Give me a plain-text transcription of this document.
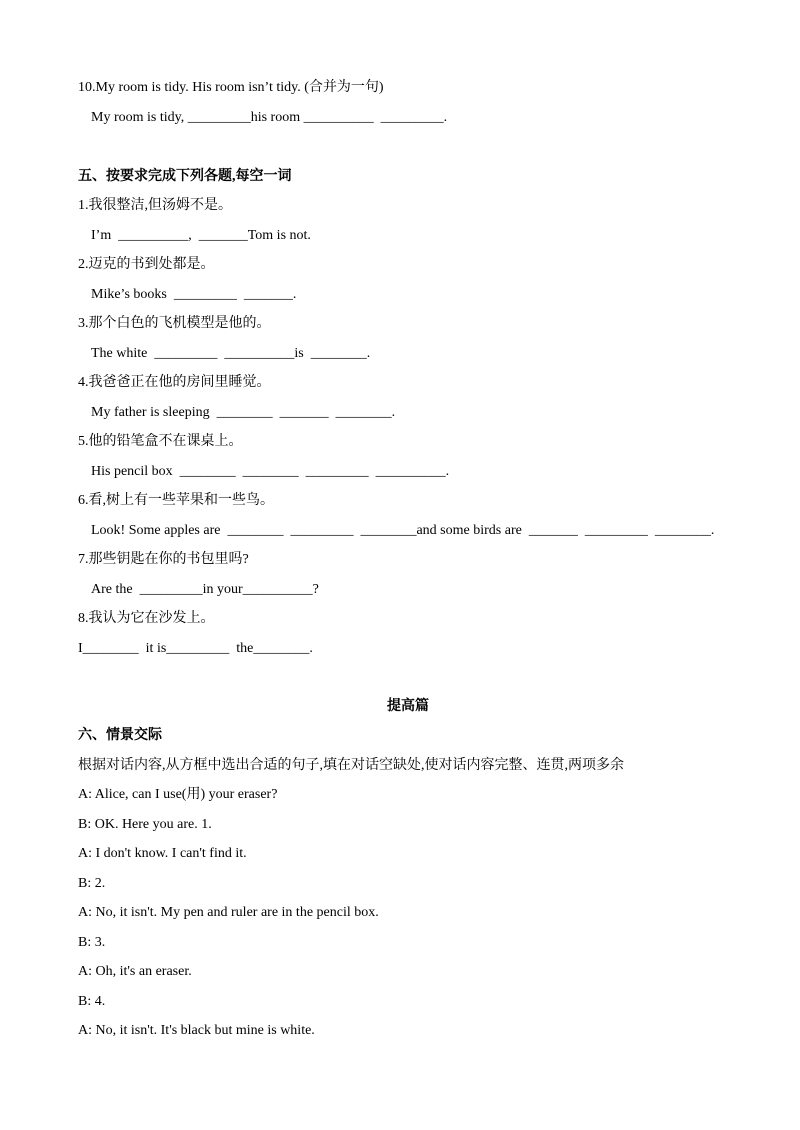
10.My room is tidy. His room isn’t tidy. (合并为一句)
My room is tidy, _________his room __________  _________.
五、按要求完成下列各题,每空一词
1.我很整洁,但汤姆不是。
I’m  __________,  _______Tom is not.
2.迈克的书到处都是。
Mike’s books  _________  _______.
3.那个白色的飞机模型是他的。
The white  _________  __________is  ________.
4.我爸爸正在他的房间里睡觉。
My father is sleeping  ________  _______  ________.
5.他的铅笔盒不在课桌上。
His pencil box  ________  ________  _________  __________.
6.看,树上有一些苹果和一些鸟。
Look! Some apples are  ________  _________  ________and some birds are  _______  _________  ________.
7.那些钥匙在你的书包里吗?
Are the  _________in your__________?
8.我认为它在沙发上。
I________  it is_________  the________.
提高篇
六、情景交际
根据对话内容,从方框中选出合适的句子,填在对话空缺处,使对话内容完整、连贯,两项多余
A: Alice, can I use(用) your eraser?
B: OK. Here you are. 1.
A: I don't know. I can't find it.
B: 2.
A: No, it isn't. My pen and ruler are in the pencil box.
B: 3.
A: Oh, it's an eraser.
B: 4.
A: No, it isn't. It's black but mine is white.
